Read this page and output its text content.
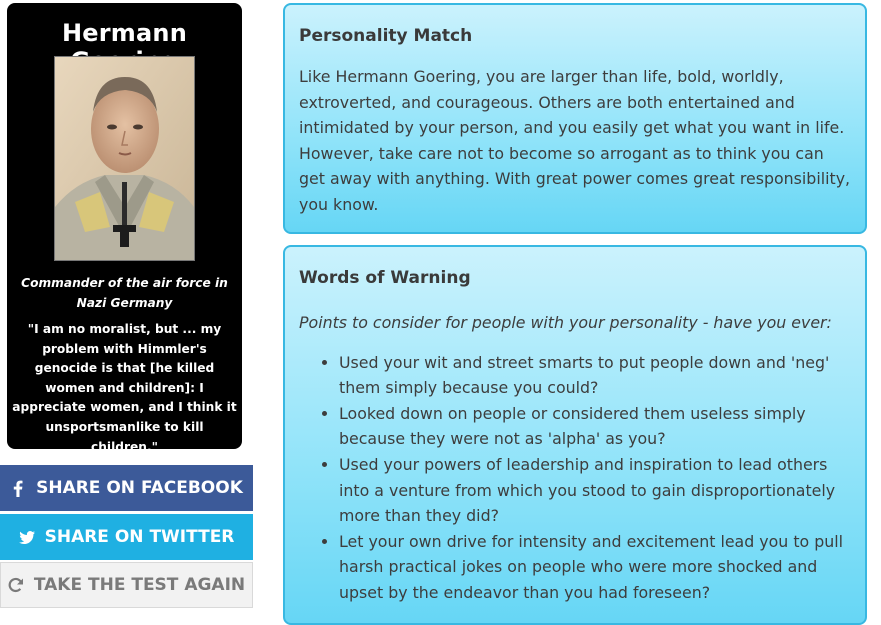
Hermann
Commander of the air force in Nazi Germany
"I am no moralist, but ... my problem with Himmler's genocide is that [he killed women and children]: I appreciate women, and I think it unsportsmanlike to kill children."
SHARE ON FACEBOOK
SHARE ON TWITTER
TAKE THE TEST AGAIN
Personality Match

Like Hermann Goering, you are larger than life, bold, worldly, extroverted, and courageous. Others are both entertained and intimidated by your person, and you easily get what you want in life. However, take care not to become so arrogant as to think you can get away with anything. With great power comes great responsibility, you know.

Words of Warning

Points to consider for people with your personality - have you ever:

• Used your wit and street smarts to put people down and 'neg' them simply because you could?
• Looked down on people or considered them useless simply because they were not as 'alpha' as you?
• Used your powers of leadership and inspiration to lead others into a venture from which you stood to gain disproportionately more than they did?
• Let your own drive for intensity and excitement lead you to pull harsh practical jokes on people who were more shocked and upset by the endeavor than you had foreseen?
